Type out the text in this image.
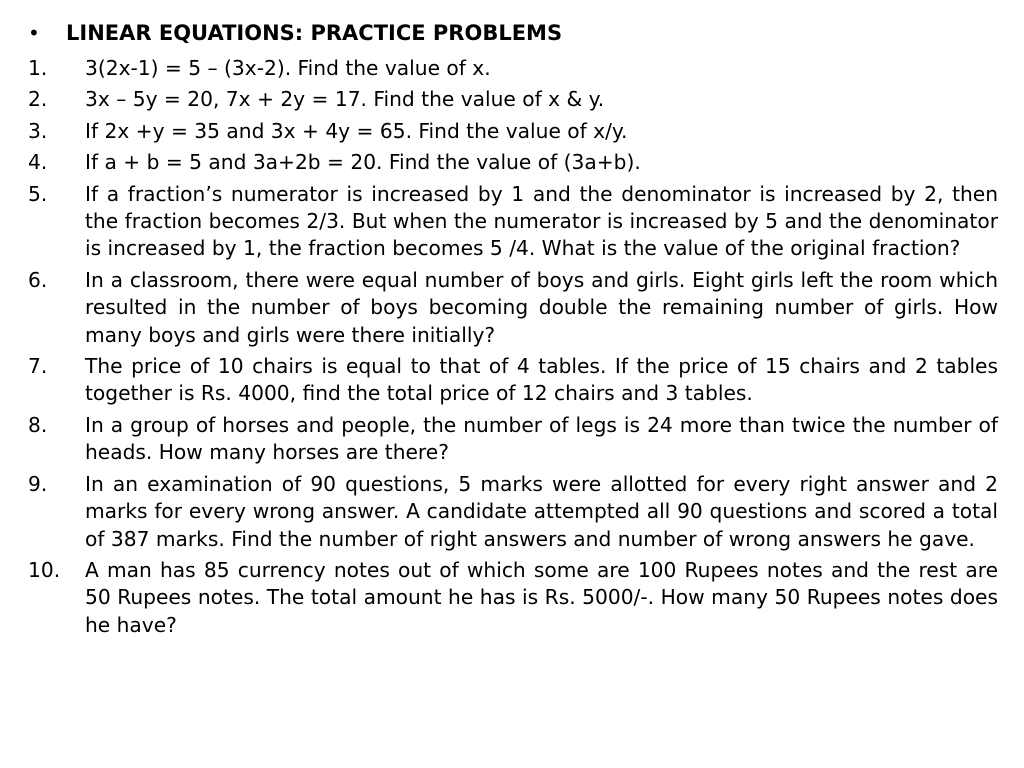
•	LINEAR EQUATIONS: PRACTICE PROBLEMS
1.	3(2x-1) = 5 – (3x-2). Find the value of x.
2.	3x – 5y = 20, 7x + 2y = 17. Find the value of x & y.
3.	If 2x +y = 35 and 3x + 4y = 65. Find the value of x/y.
4.	If a + b = 5 and 3a+2b = 20. Find the value of (3a+b).
5.	If a fraction’s numerator is increased by 1 and the denominator is increased by 2, then the fraction becomes 2/3. But when the numerator is increased by 5 and the denominator is increased by 1, the fraction becomes 5 /4. What is the value of the original fraction?
6.	In a classroom, there were equal number of boys and girls. Eight girls left the room which resulted in the number of boys becoming double the remaining number of girls. How many boys and girls were there initially?
7.	The price of 10 chairs is equal to that of 4 tables. If the price of 15 chairs and 2 tables together is Rs. 4000, find the total price of 12 chairs and 3 tables.
8.	In a group of horses and people, the number of legs is 24 more than twice the number of heads. How many horses are there?
9.	In an examination of 90 questions, 5 marks were allotted for every right answer and 2 marks for every wrong answer. A candidate attempted all 90 questions and scored a total of 387 marks. Find the number of right answers and number of wrong answers he gave.
10.	A man has 85 currency notes out of which some are 100 Rupees notes and the rest are 50 Rupees notes. The total amount he has is Rs. 5000/-. How many 50 Rupees notes does he have?
